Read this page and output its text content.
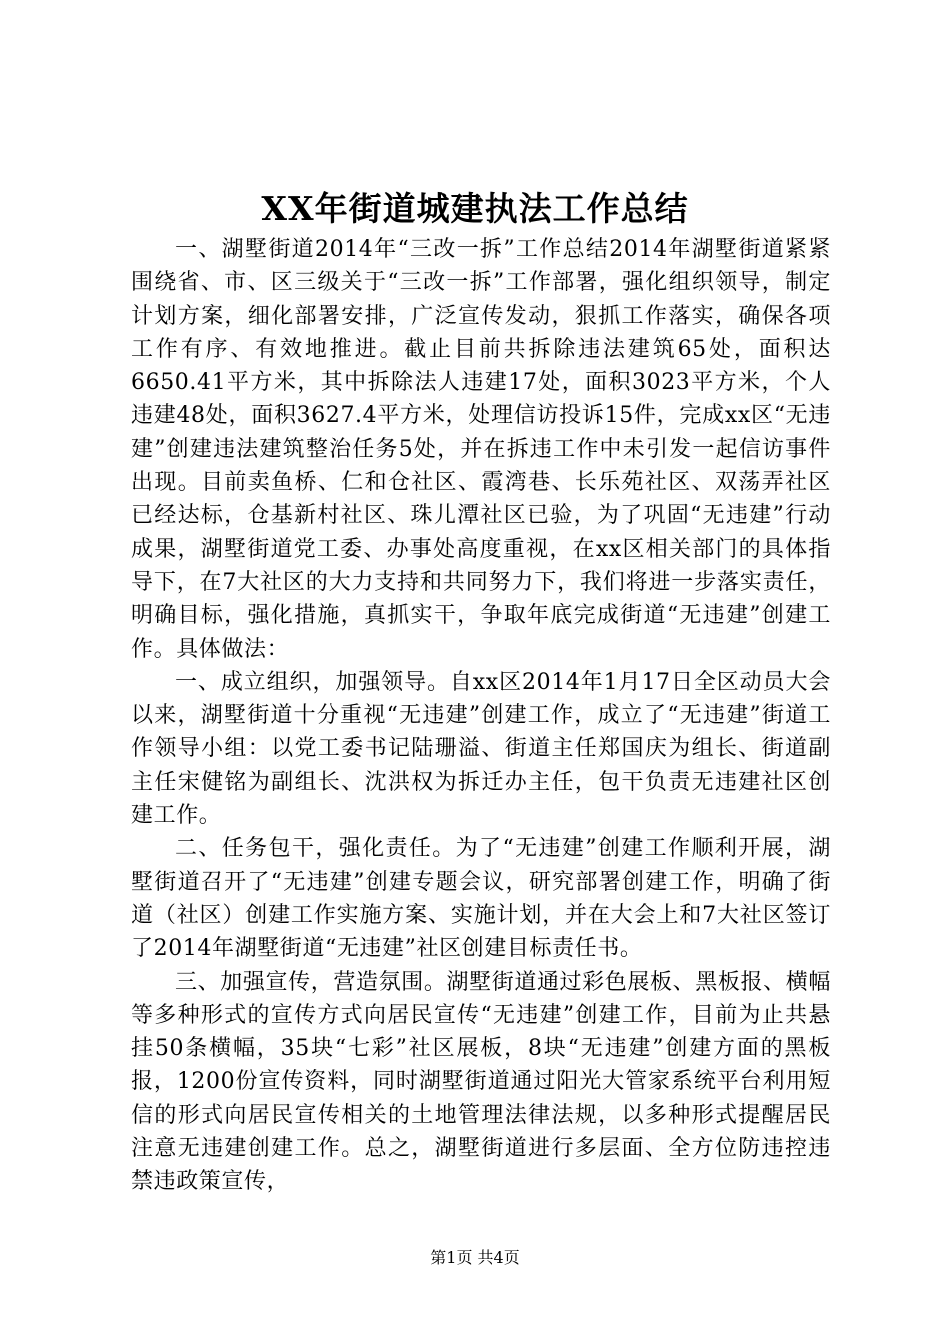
XX年街道城建执法工作总结

一、湖墅街道2014年“三改一拆”工作总结2014年湖墅街道紧紧围绕省、市、区三级关于“三改一拆”工作部署，强化组织领导，制定计划方案，细化部署安排，广泛宣传发动，狠抓工作落实，确保各项工作有序、有效地推进。截止目前共拆除违法建筑65处，面积达6650.41平方米，其中拆除法人违建17处，面积3023平方米，个人违建48处，面积3627.4平方米，处理信访投诉15件，完成xx区“无违建”创建违法建筑整治任务5处，并在拆违工作中未引发一起信访事件出现。目前卖鱼桥、仁和仓社区、霞湾巷、长乐苑社区、双荡弄社区已经达标，仓基新村社区、珠儿潭社区已验，为了巩固“无违建”行动成果，湖墅街道党工委、办事处高度重视，在xx区相关部门的具体指导下，在7大社区的大力支持和共同努力下，我们将进一步落实责任，明确目标，强化措施，真抓实干，争取年底完成街道“无违建”创建工作。具体做法：

一、成立组织，加强领导。自xx区2014年1月17日全区动员大会以来，湖墅街道十分重视“无违建”创建工作，成立了“无违建”街道工作领导小组：以党工委书记陆珊溢、街道主任郑国庆为组长、街道副主任宋健铭为副组长、沈洪权为拆迁办主任，包干负责无违建社区创建工作。

二、任务包干，强化责任。为了“无违建”创建工作顺利开展，湖墅街道召开了“无违建”创建专题会议，研究部署创建工作，明确了街道（社区）创建工作实施方案、实施计划，并在大会上和7大社区签订了2014年湖墅街道“无违建”社区创建目标责任书。

三、加强宣传，营造氛围。湖墅街道通过彩色展板、黑板报、横幅等多种形式的宣传方式向居民宣传“无违建”创建工作，目前为止共悬挂50条横幅，35块“七彩”社区展板，8块“无违建”创建方面的黑板报，1200份宣传资料，同时湖墅街道通过阳光大管家系统平台利用短信的形式向居民宣传相关的土地管理法律法规，以多种形式提醒居民注意无违建创建工作。总之，湖墅街道进行多层面、全方位防违控违禁违政策宣传，

第1页 共4页
